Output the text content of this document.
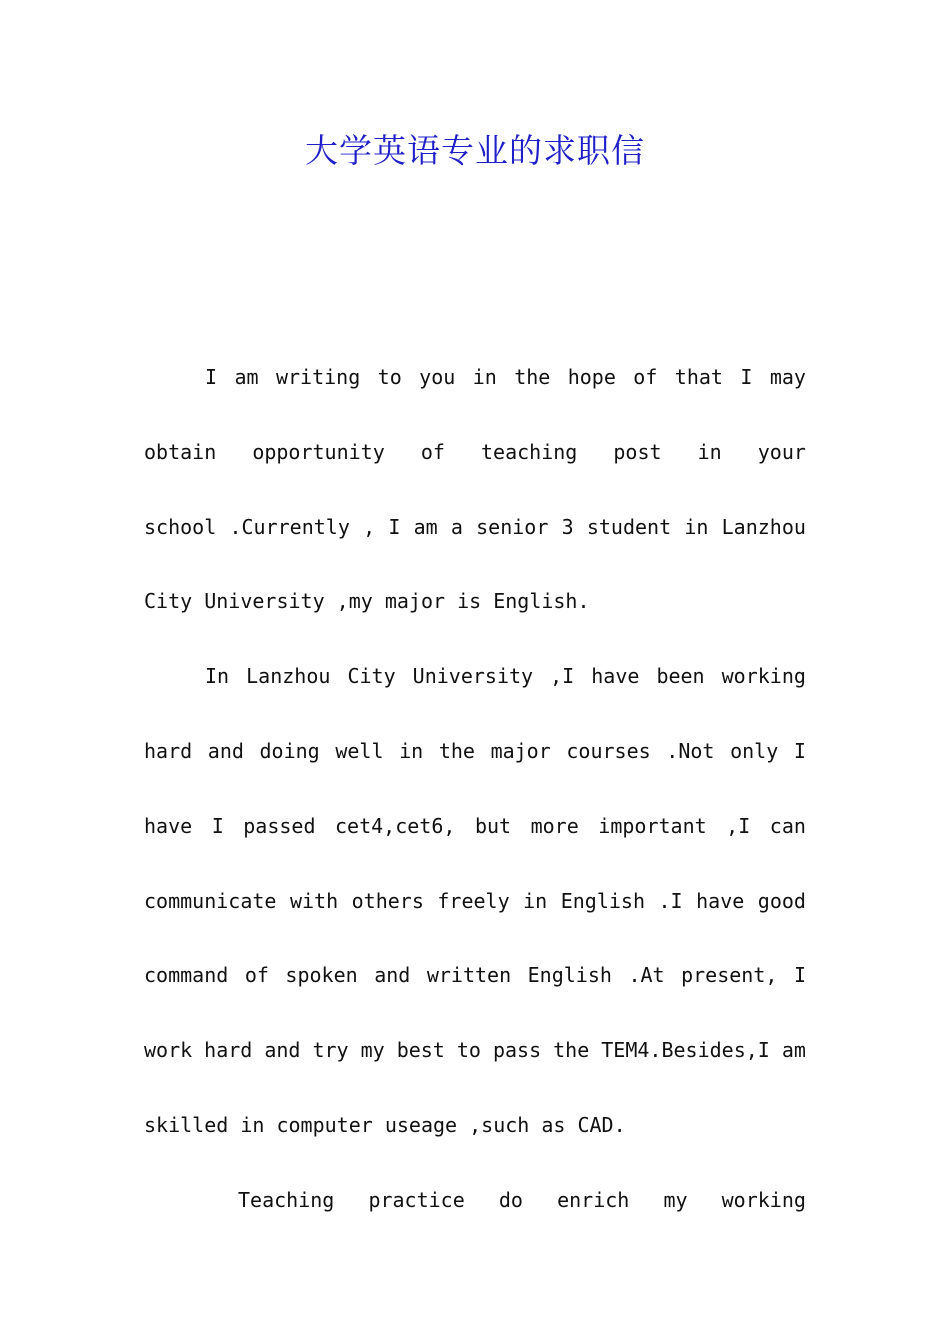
大学英语专业的求职信
I am writing to you in the hope of that I may
obtain opportunity of teaching post in your
school .Currently , I am a senior 3 student in Lanzhou
City University ,my major is English.
In Lanzhou City University ,I have been working
hard and doing well in the major courses .Not only I
have I passed cet4,cet6, but more important ,I can
communicate with others freely in English .I have good
command of spoken and written English .At present, I
work hard and try my best to pass the TEM4.Besides,I am
skilled in computer useage ,such as CAD.
Teaching practice do enrich my working
